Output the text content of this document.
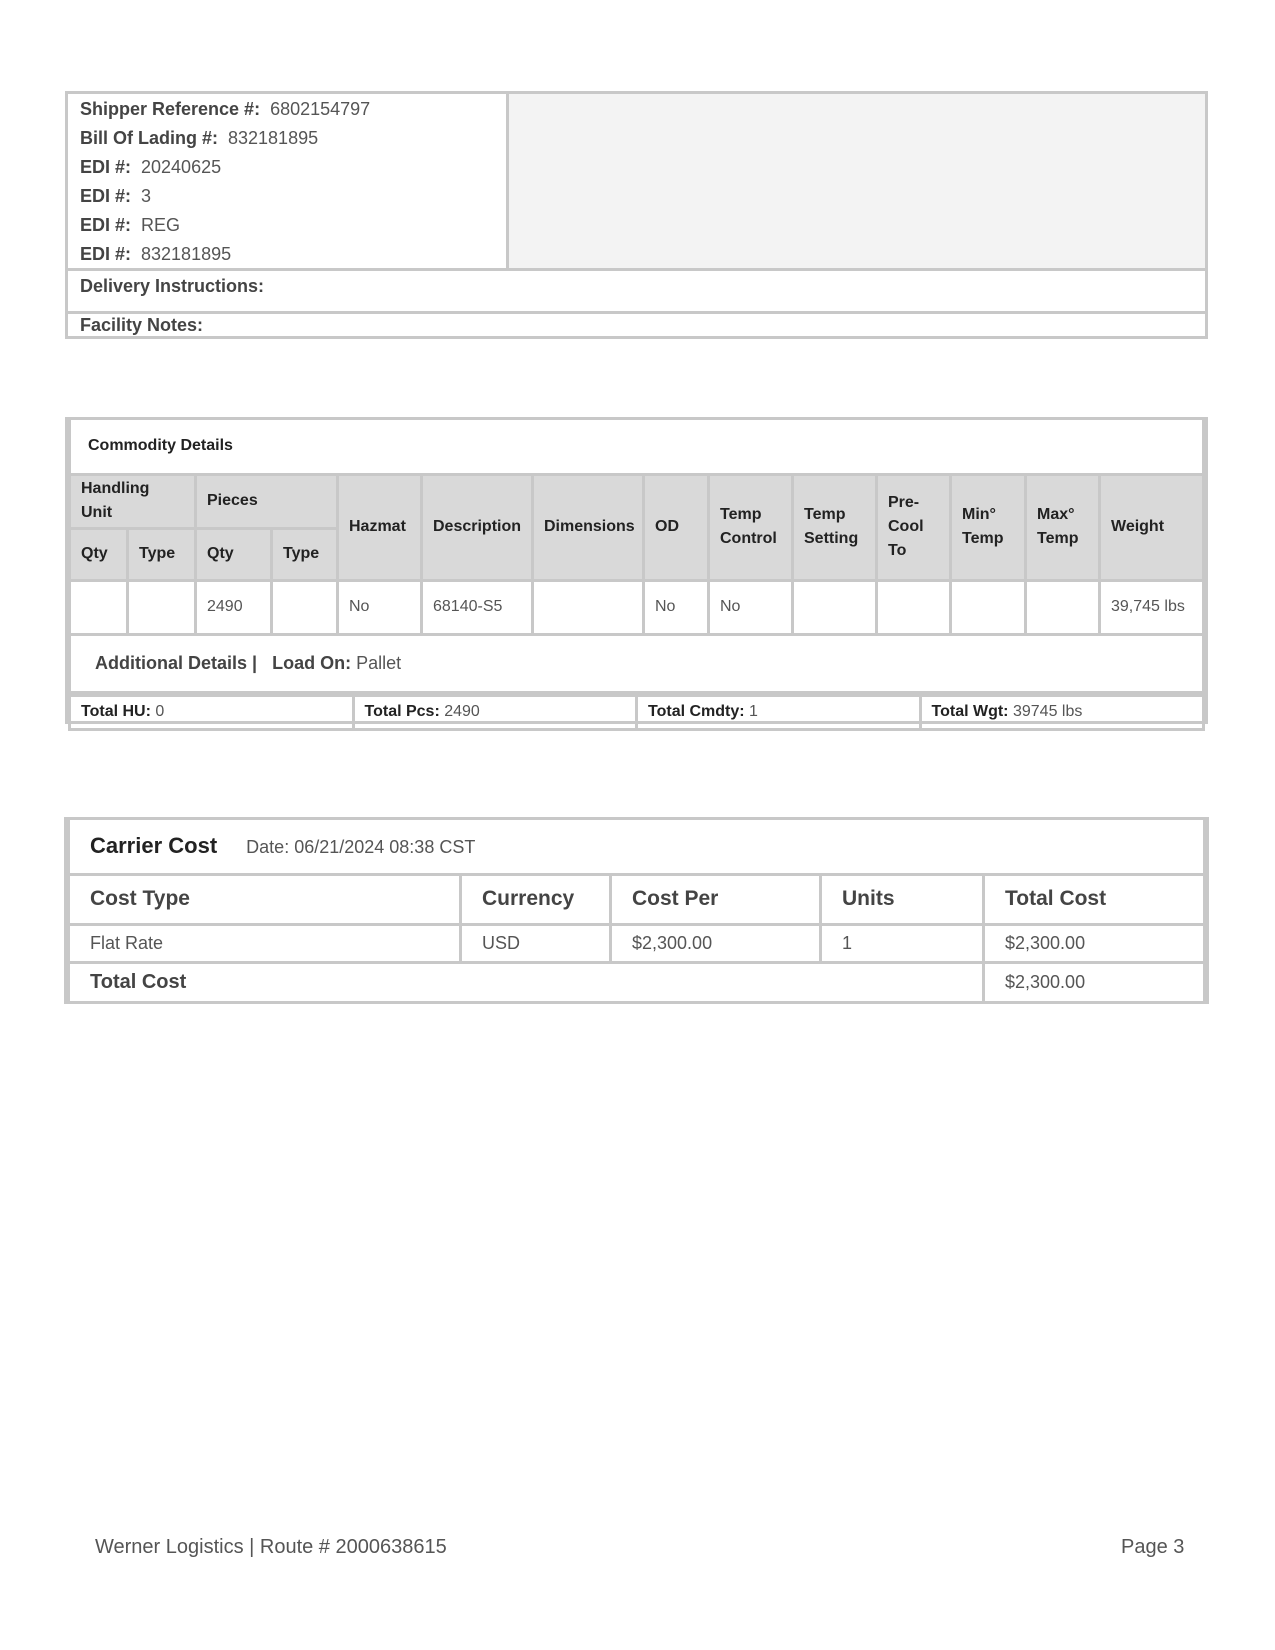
Shipper Reference #: 6802154797
Bill Of Lading #: 832181895
EDI #: 20240625
EDI #: 3
EDI #: REG
EDI #: 832181895
Delivery Instructions:
Facility Notes:
Commodity Details													
Handling Unit		Pieces		Hazmat	Description	Dimensions	OD	Temp Control	Temp Setting	Pre-Cool To	Min° Temp	Max° Temp	Weight
Qty	Type	Qty	Type										
		2490		No	68140-S5		No	No					39,745 lbs
Additional Details | Load On: Pallet													
Total HU: 0	Total Pcs: 2490	Total Cmdty: 1	Total Wgt: 39745 lbs
Carrier Cost Date: 06/21/2024 08:38 CST				
Cost Type	Currency	Cost Per	Units	Total Cost
Flat Rate	USD	$2,300.00	1	$2,300.00
Total Cost				$2,300.00
Werner Logistics | Route # 2000638615	Page 3
